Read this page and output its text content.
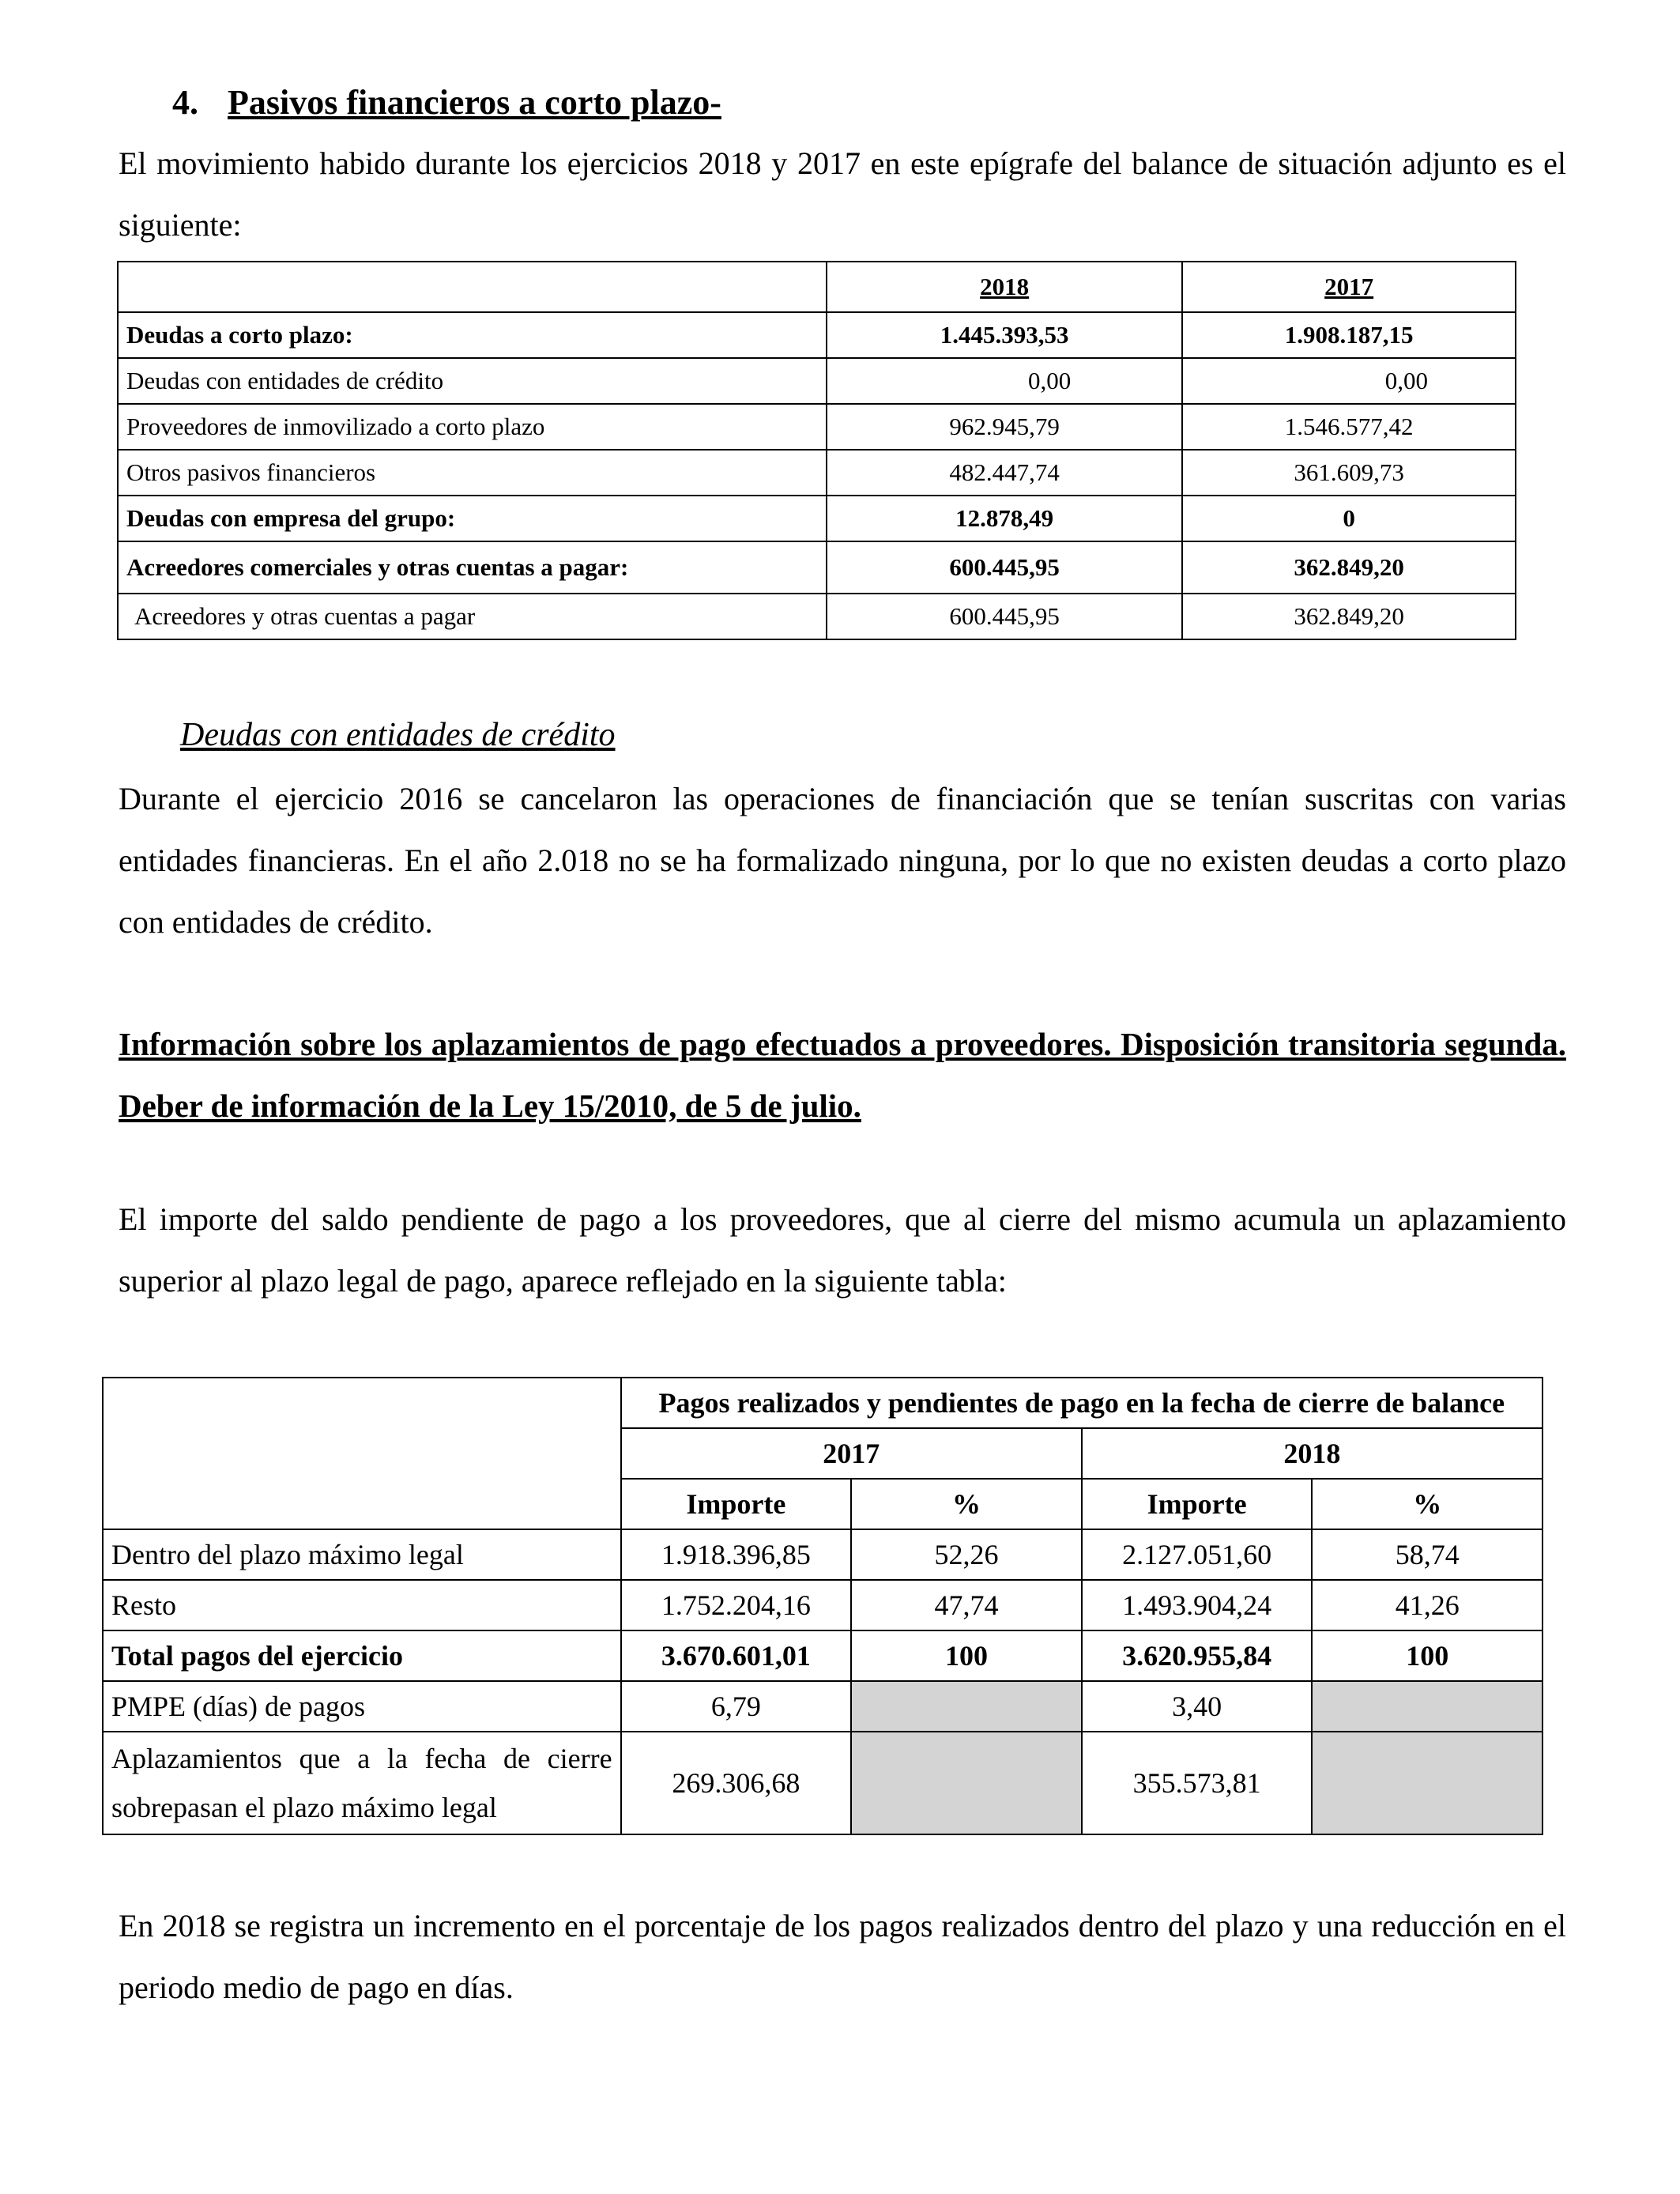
4. Pasivos financieros a corto plazo-
El movimiento habido durante los ejercicios 2018 y 2017 en este epígrafe del balance de situación adjunto es el siguiente:
	2018	2017
Deudas a corto plazo:	1.445.393,53	1.908.187,15
Deudas con entidades de crédito	0,00	0,00
Proveedores de inmovilizado a corto plazo	962.945,79	1.546.577,42
Otros pasivos financieros	482.447,74	361.609,73
Deudas con empresa del grupo:	12.878,49	0
Acreedores comerciales y otras cuentas a pagar:	600.445,95	362.849,20
Acreedores y otras cuentas a pagar	600.445,95	362.849,20
Deudas con entidades de crédito
Durante el ejercicio 2016 se cancelaron las operaciones de financiación que se tenían suscritas con varias entidades financieras. En el año 2.018 no se ha formalizado ninguna, por lo que no existen deudas a corto plazo con entidades de crédito.
Información sobre los aplazamientos de pago efectuados a proveedores. Disposición transitoria segunda. Deber de información de la Ley 15/2010, de 5 de julio.
El importe del saldo pendiente de pago a los proveedores, que al cierre del mismo acumula un aplazamiento superior al plazo legal de pago, aparece reflejado en la siguiente tabla:
	Pagos realizados y pendientes de pago en la fecha de cierre de balance			
	2017		2018	
	Importe	%	Importe	%
Dentro del plazo máximo legal	1.918.396,85	52,26	2.127.051,60	58,74
Resto	1.752.204,16	47,74	1.493.904,24	41,26
Total pagos del ejercicio	3.670.601,01	100	3.620.955,84	100
PMPE (días) de pagos	6,79		3,40	
Aplazamientos que a la fecha de cierre sobrepasan el plazo máximo legal	269.306,68		355.573,81	
En 2018 se registra un incremento en el porcentaje de los pagos realizados dentro del plazo y una reducción en el periodo medio de pago en días.
